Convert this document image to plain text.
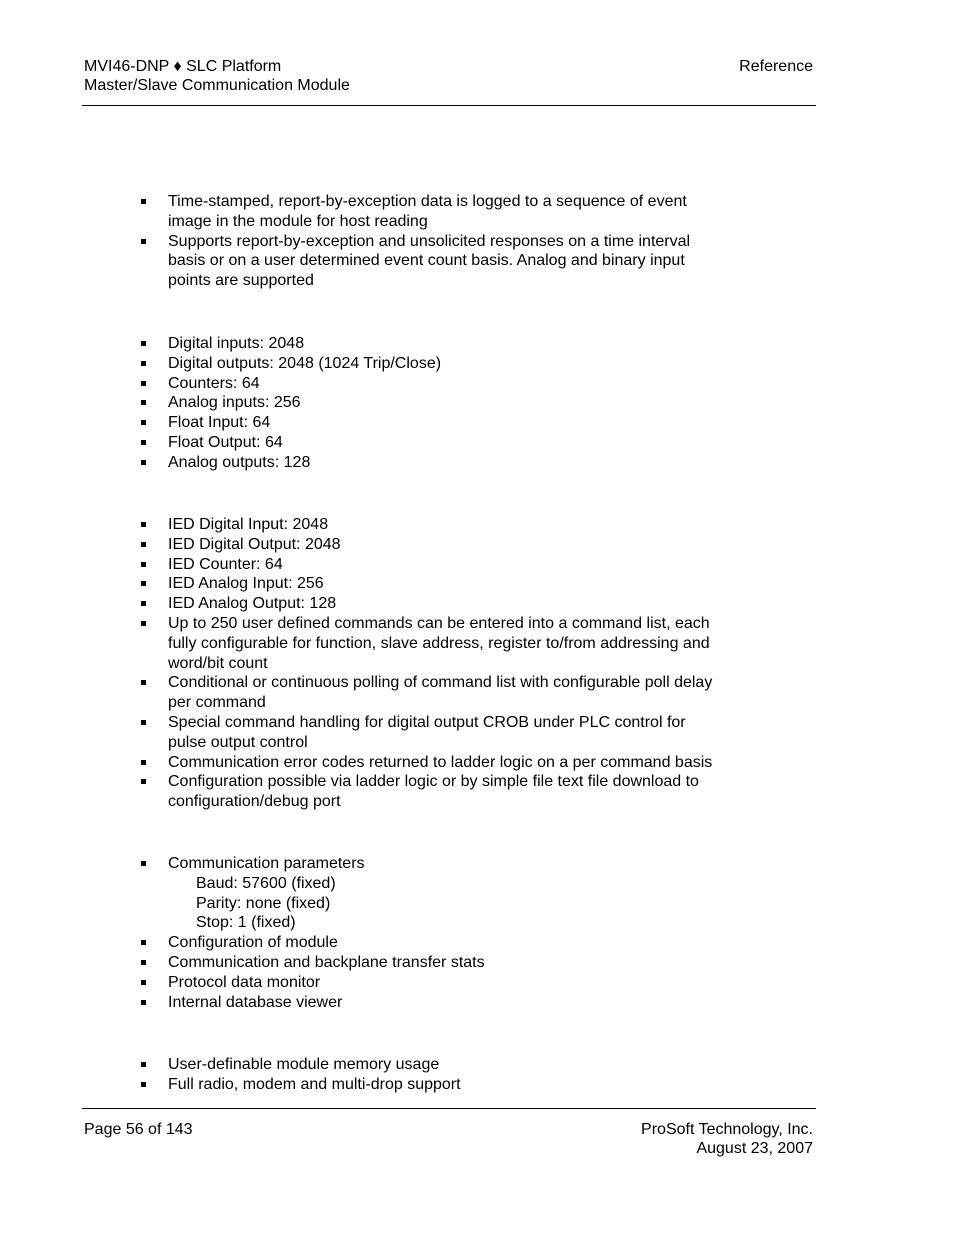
MVI46-DNP ♦ SLC Platform
Master/Slave Communication Module
Reference
Time-stamped, report-by-exception data is logged to a sequence of event
image in the module for host reading
Supports report-by-exception and unsolicited responses on a time interval
basis or on a user determined event count basis. Analog and binary input
points are supported
Digital inputs: 2048
Digital outputs: 2048 (1024 Trip/Close)
Counters: 64
Analog inputs: 256
Float Input: 64
Float Output: 64
Analog outputs: 128
IED Digital Input: 2048
IED Digital Output: 2048
IED Counter: 64
IED Analog Input: 256
IED Analog Output: 128
Up to 250 user defined commands can be entered into a command list, each
fully configurable for function, slave address, register to/from addressing and
word/bit count
Conditional or continuous polling of command list with configurable poll delay
per command
Special command handling for digital output CROB under PLC control for
pulse output control
Communication error codes returned to ladder logic on a per command basis
Configuration possible via ladder logic or by simple file text file download to
configuration/debug port
Communication parameters
Baud: 57600 (fixed)
Parity: none (fixed)
Stop: 1 (fixed)
Configuration of module
Communication and backplane transfer stats
Protocol data monitor
Internal database viewer
User-definable module memory usage
Full radio, modem and multi-drop support
Page 56 of 143	ProSoft Technology, Inc.
August 23, 2007
